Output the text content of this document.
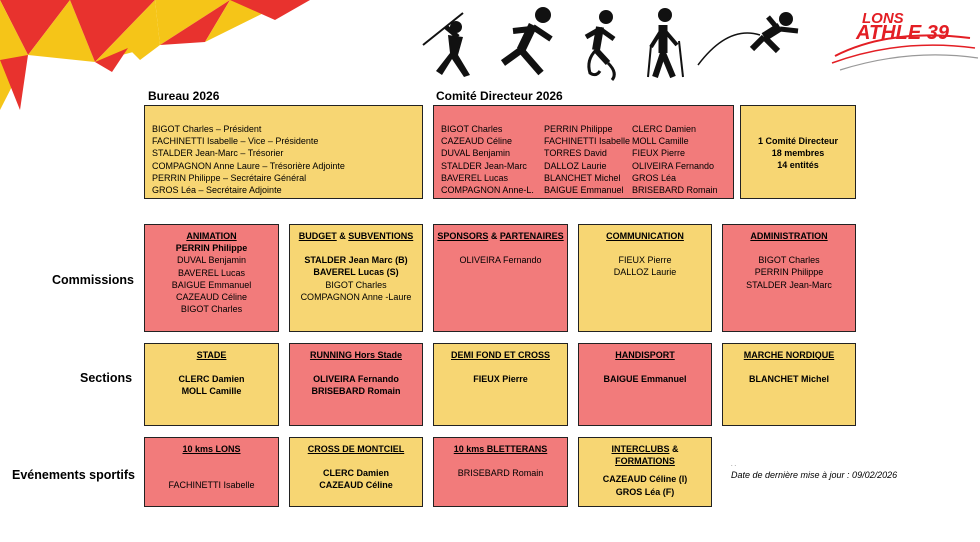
LONS
ATHLE 39
Bureau 2026	Comité Directeur 2026
BIGOT Charles – Président
FACHINETTI Isabelle – Vice – Présidente
STALDER Jean-Marc – Trésorier
COMPAGNON Anne Laure – Trésorière Adjointe
PERRIN Philippe – Secrétaire Général
GROS Léa – Secrétaire Adjointe
BIGOT Charles
CAZEAUD Céline
DUVAL Benjamin
STALDER Jean-Marc
BAVEREL Lucas
COMPAGNON Anne-L.
PERRIN Philippe
FACHINETTI Isabelle
TORRES David
DALLOZ Laurie
BLANCHET Michel
BAIGUE Emmanuel
CLERC Damien
MOLL Camille
FIEUX Pierre
OLIVEIRA Fernando
GROS Léa
BRISEBARD Romain
1 Comité Directeur
18 membres
14 entités
Commissions
Sections
Evénements sportifs
ANIMATION
PERRIN Philippe
DUVAL Benjamin
BAVEREL Lucas
BAIGUE Emmanuel
CAZEAUD Céline
BIGOT Charles
BUDGET & SUBVENTIONS
STALDER Jean Marc (B)
BAVEREL Lucas (S)
BIGOT Charles
COMPAGNON Anne -Laure
SPONSORS & PARTENAIRES
OLIVEIRA Fernando
COMMUNICATION
FIEUX Pierre
DALLOZ Laurie
ADMINISTRATION
BIGOT Charles
PERRIN Philippe
STALDER Jean-Marc
STADE
CLERC Damien
MOLL Camille
RUNNING Hors Stade
OLIVEIRA Fernando
BRISEBARD Romain
DEMI FOND ET CROSS
FIEUX Pierre
HANDISPORT
BAIGUE Emmanuel
MARCHE NORDIQUE
BLANCHET Michel
10 kms LONS
FACHINETTI Isabelle
CROSS DE MONTCIEL
CLERC Damien
CAZEAUD Céline
10 kms BLETTERANS
BRISEBARD Romain
INTERCLUBS &
FORMATIONS
CAZEAUD Céline (I)
GROS Léa (F)
. .
Date de dernière mise à jour : 09/02/2026
